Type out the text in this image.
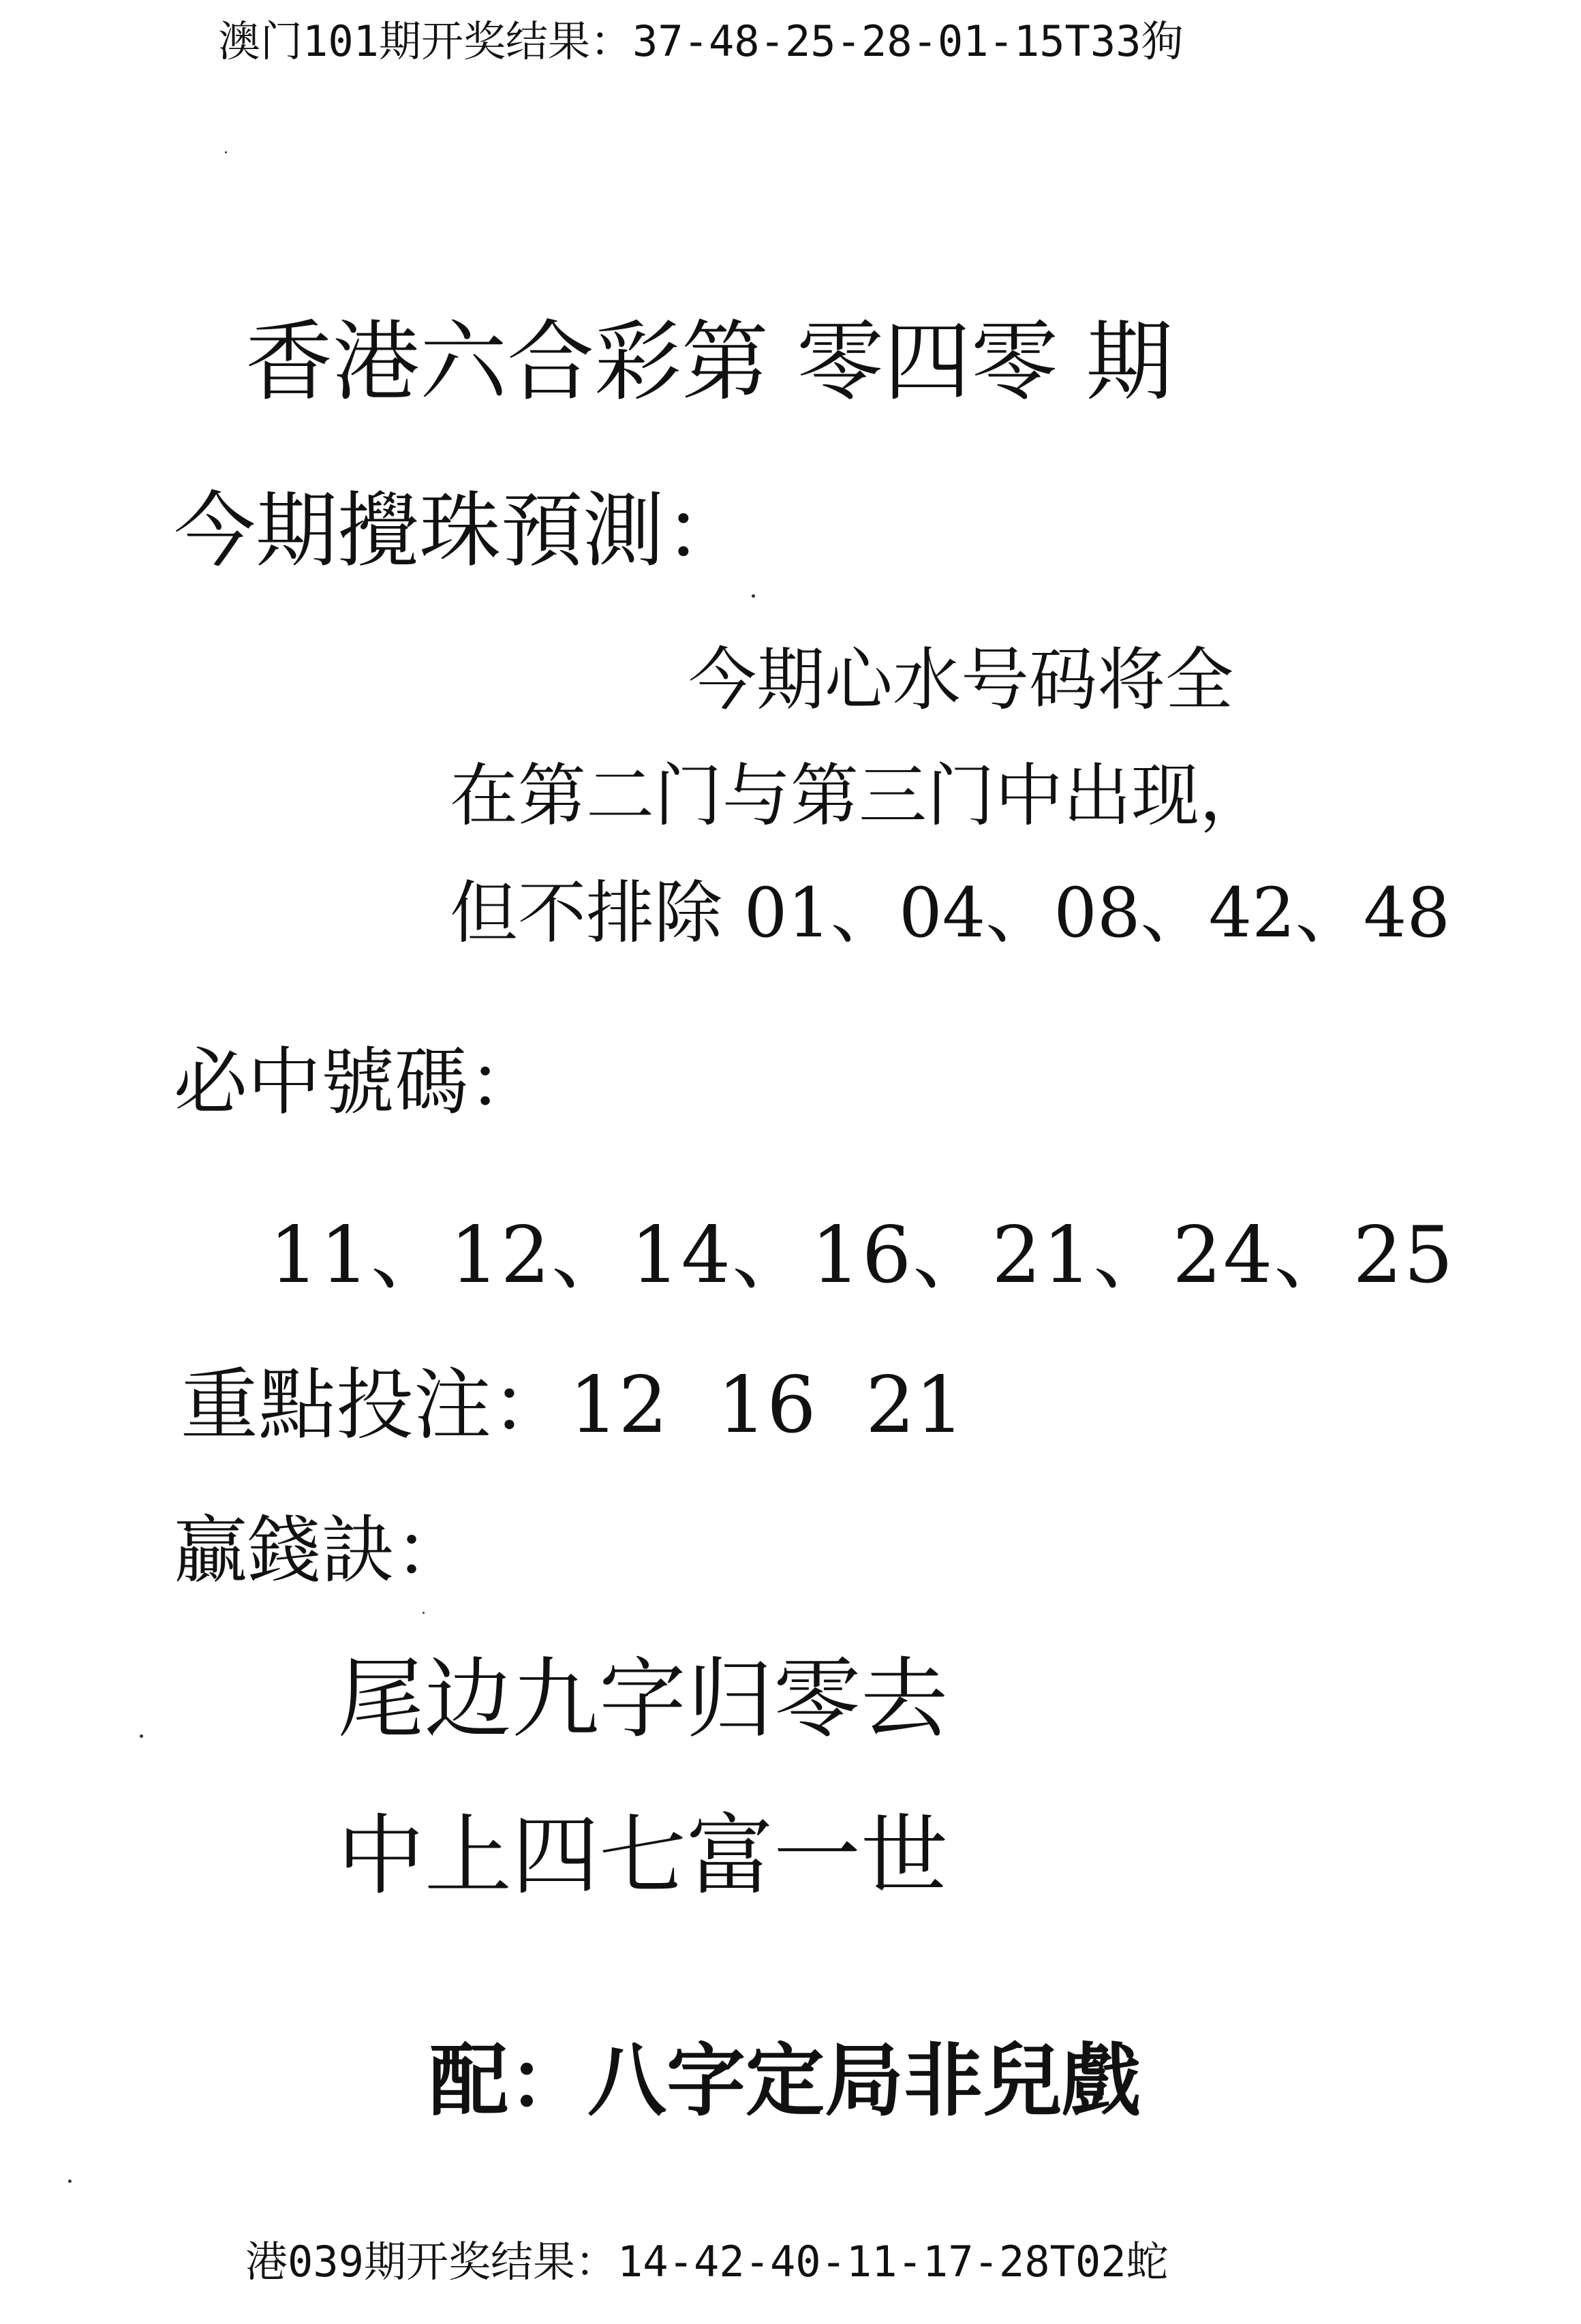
澳门101期开奖结果：37-48-25-28-01-15T33狗
香港六合彩第 零四零 期
今期攪珠預測：
今期心水号码将全
在第二门与第三门中出现，
但不排除 01、04、08、42、48
必中號碼：
11、12、14、16、21、24、25
重點投注：12  16  21
贏錢訣：
尾边九字归零去
中上四七富一世
配：八字定局非兒戲
港039期开奖结果：14-42-40-11-17-28T02蛇
